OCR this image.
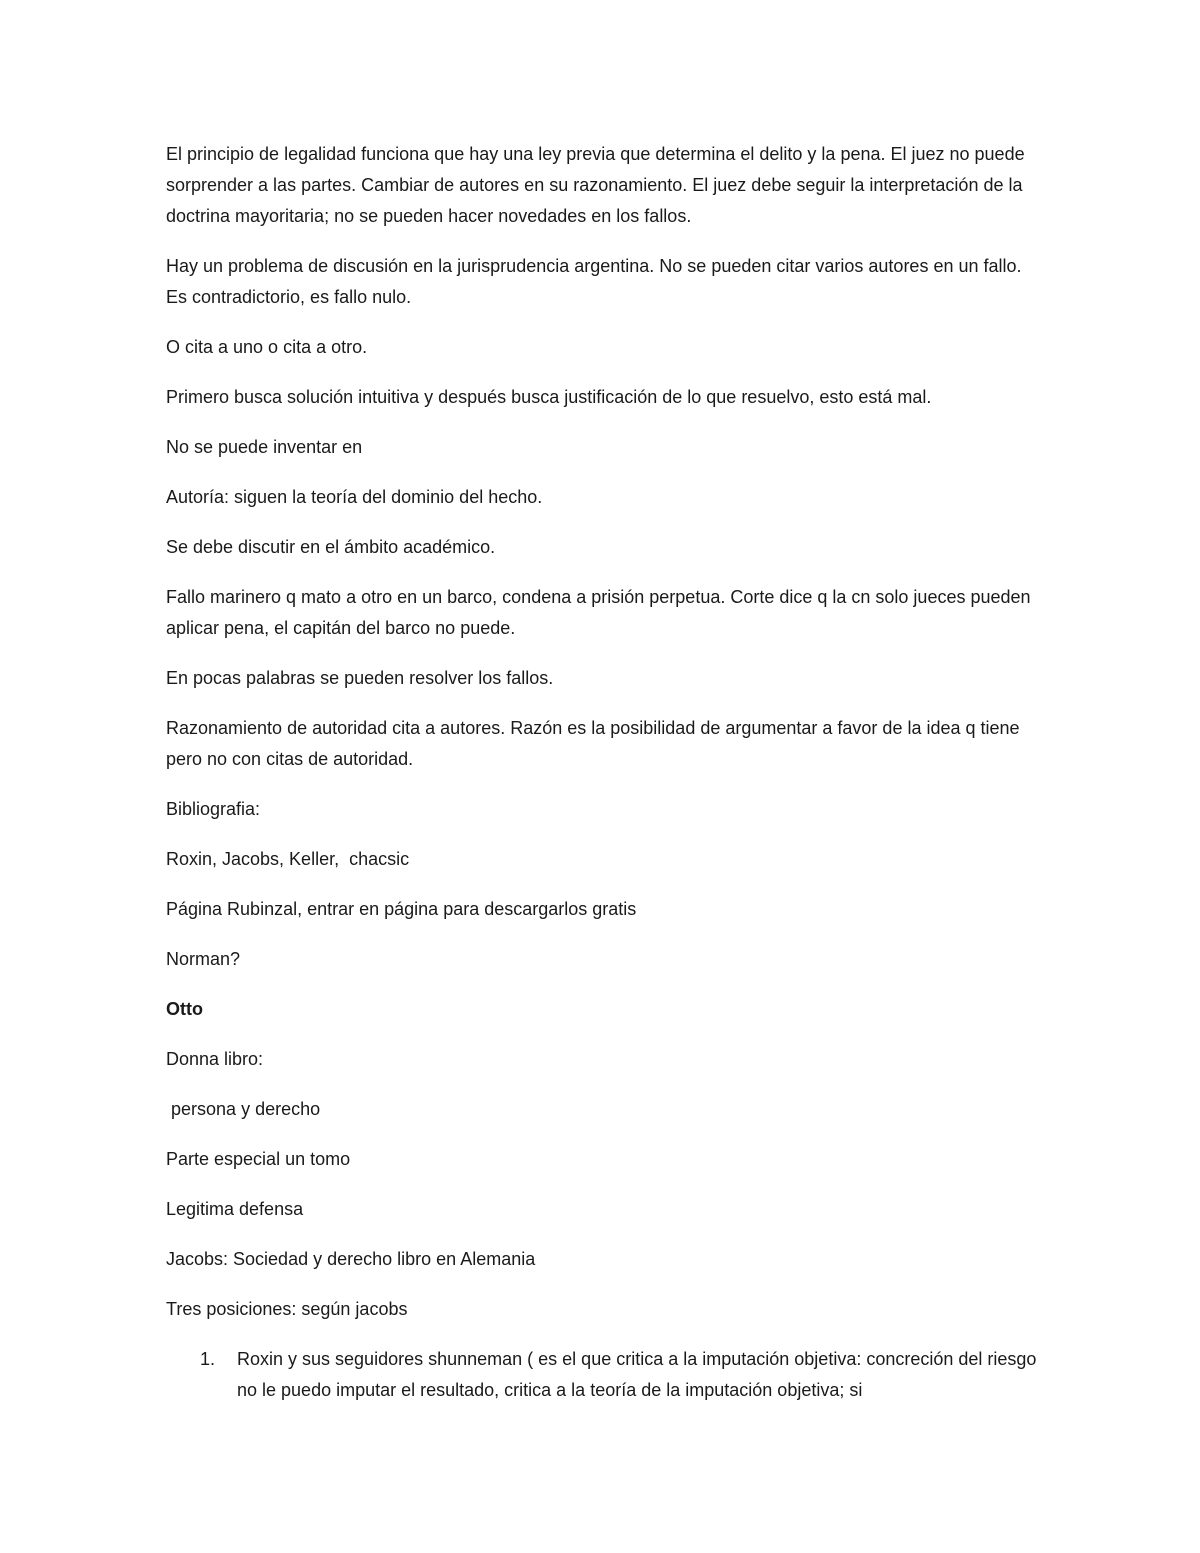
El principio de legalidad funciona que hay una ley previa que determina el delito y la pena. El juez no puede sorprender a las partes. Cambiar de autores en su razonamiento. El juez debe seguir la interpretación de la doctrina mayoritaria; no se pueden hacer novedades en los fallos.

Hay un problema de discusión en la jurisprudencia argentina. No se pueden citar varios autores en un fallo. Es contradictorio, es fallo nulo.

O cita a uno o cita a otro.

Primero busca solución intuitiva y después busca justificación de lo que resuelvo, esto está mal.

No se puede inventar en

Autoría: siguen la teoría del dominio del hecho.

Se debe discutir en el ámbito académico.

Fallo marinero q mato a otro en un barco, condena a prisión perpetua. Corte dice q la cn solo jueces pueden aplicar pena, el capitán del barco no puede.

En pocas palabras se pueden resolver los fallos.

Razonamiento de autoridad cita a autores. Razón es la posibilidad de argumentar a favor de la idea q tiene pero no con citas de autoridad.

Bibliografia:

Roxin, Jacobs, Keller,  chacsic

Página Rubinzal, entrar en página para descargarlos gratis

Norman?

Otto

Donna libro:

persona y derecho

Parte especial un tomo

Legitima defensa

Jacobs: Sociedad y derecho libro en Alemania

Tres posiciones: según jacobs

1. Roxin y sus seguidores shunneman ( es el que critica a la imputación objetiva: concreción del riesgo no le puedo imputar el resultado, critica a la teoría de la imputación objetiva; si
